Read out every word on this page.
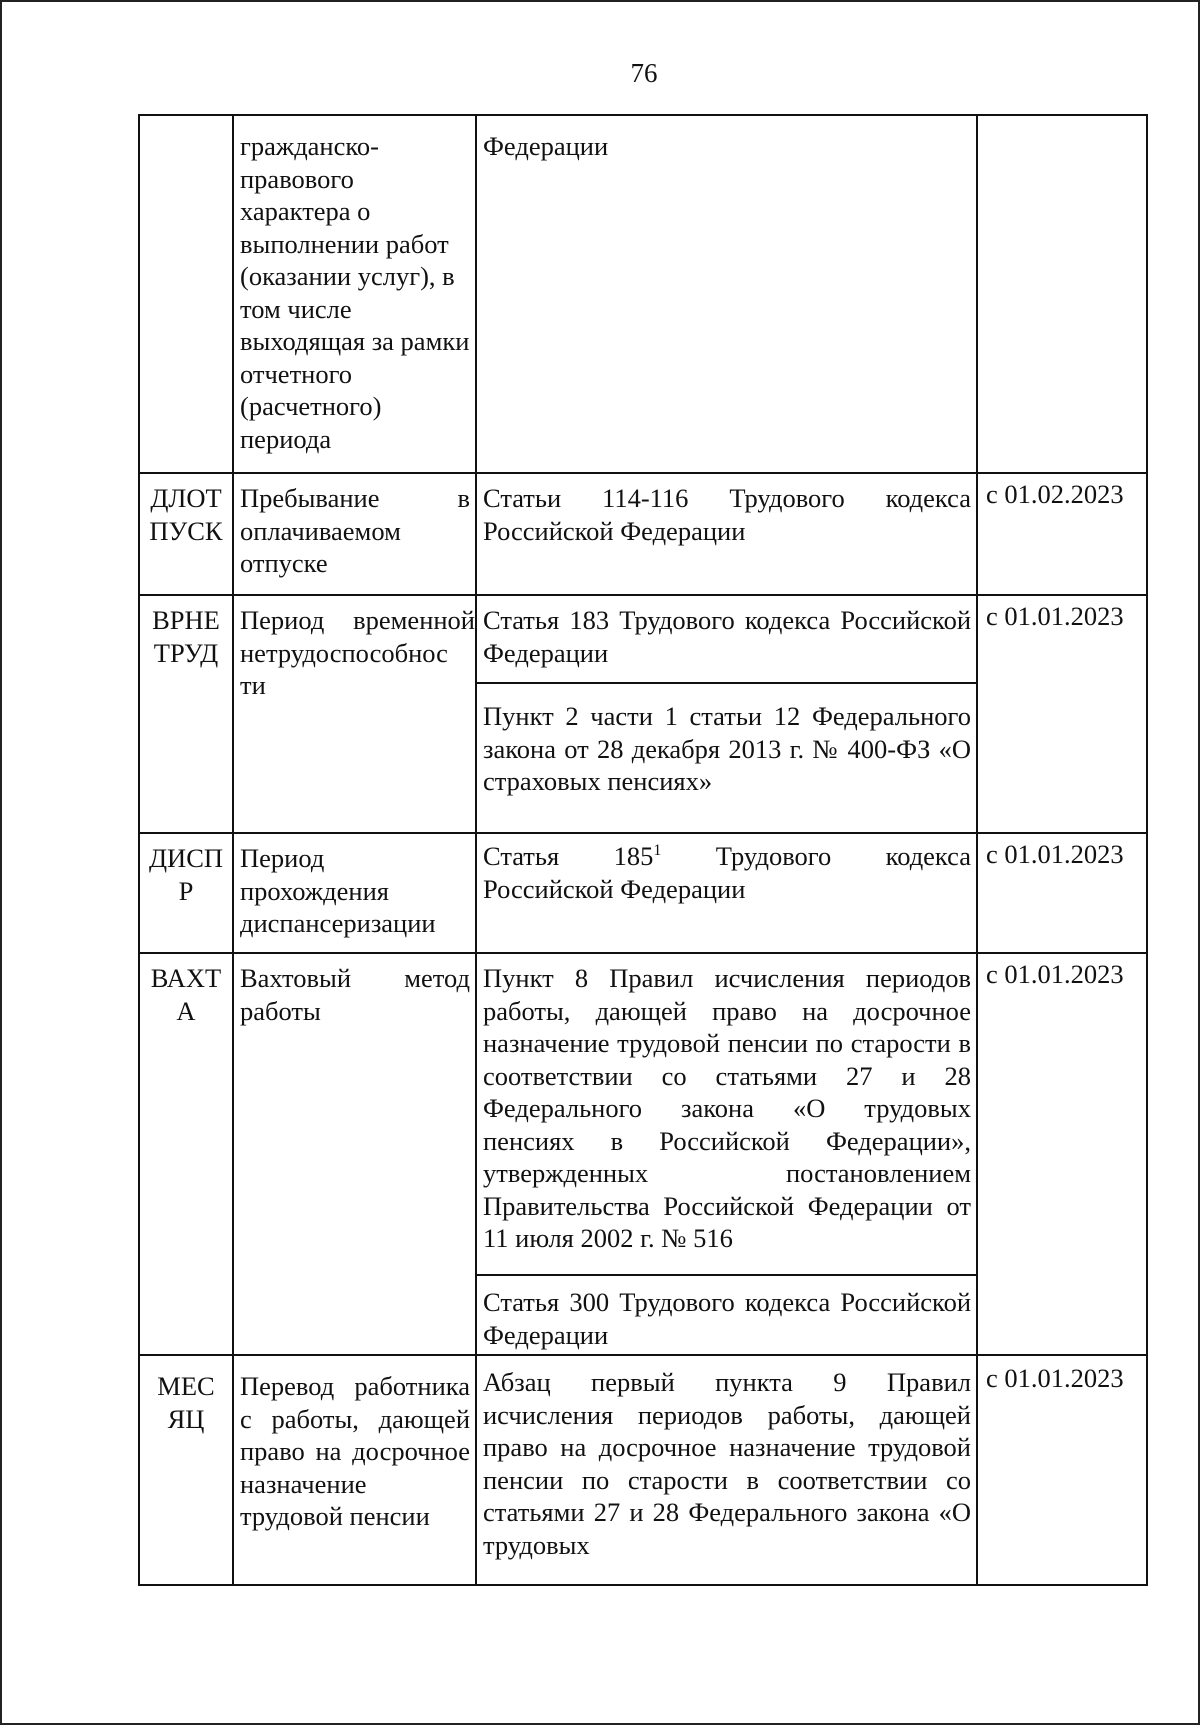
76
гражданско-правового характера о выполнении работ (оказании услуг), в том числе выходящая за рамки отчетного (расчетного) периода
Федерации
ДЛОТ ПУСК
Пребывание	в
оплачиваемом
отпуске
Статьи 114-116 Трудового кодекса Российской Федерации
с 01.02.2023
ВРНЕ ТРУД
Период временной
нетрудоспособнос
ти
Статья 183 Трудового кодекса Российской Федерации
Пункт 2 части 1 статьи 12 Федерального закона от 28 декабря 2013 г. № 400-ФЗ «О страховых пенсиях»
с 01.01.2023
ДИСП Р
Период прохождения диспансеризации
Статья $185^1$ Трудового кодекса
Российской Федерации
с 01.01.2023
ВАХТ А
Вахтовый метод
работы
Пункт 8 Правил исчисления периодов работы, дающей право на досрочное назначение трудовой пенсии по старости в соответствии со статьями 27 и 28 Федерального закона «О трудовых пенсиях в Российской Федерации», утвержденных постановлением Правительства Российской Федерации от 11 июля 2002 г. № 516
Статья 300 Трудового кодекса Российской Федерации
с 01.01.2023
МЕС ЯЦ
Перевод работника с работы, дающей право на досрочное назначение трудовой пенсии
Абзац первый пункта 9 Правил исчисления периодов работы, дающей право на досрочное назначение трудовой пенсии по старости в соответствии со статьями 27 и 28 Федерального закона «О трудовых
с 01.01.2023
